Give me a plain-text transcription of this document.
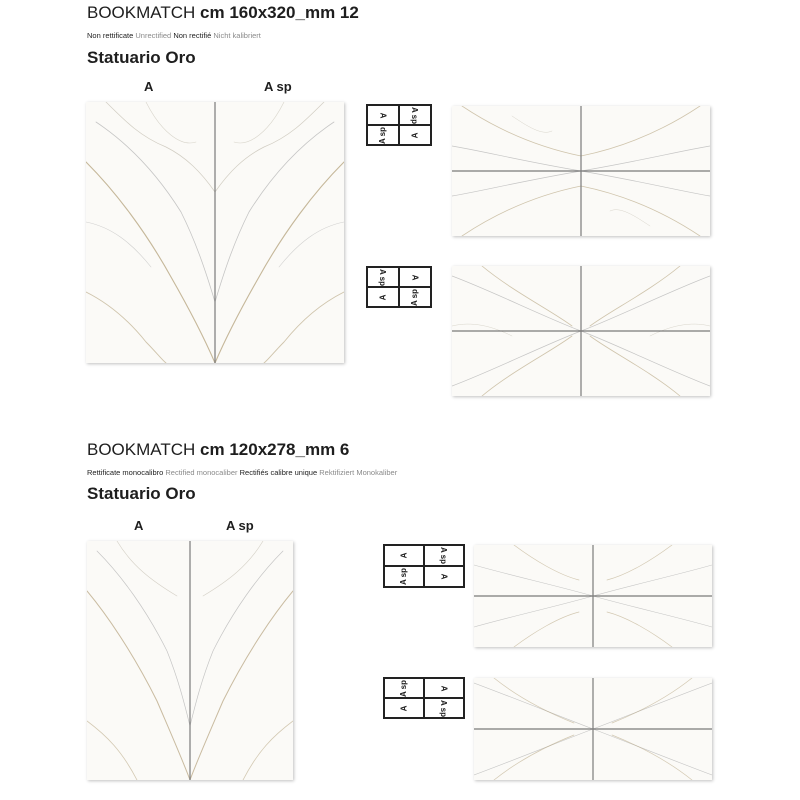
BOOKMATCH cm 160x320_mm 12
Non rettificate Unrectified Non rectifié Nicht kalibriert
Statuario Oro
A	A sp
A	A sp
A sp	A
A sp	A
A	A sp
BOOKMATCH cm 120x278_mm 6
Rettificate monocalibro Rectified monocaliber Rectifiés calibre unique Rektifiziert Monokaliber
Statuario Oro
A	A sp
A	A sp
A sp	A
A sp	A
A	A sp
